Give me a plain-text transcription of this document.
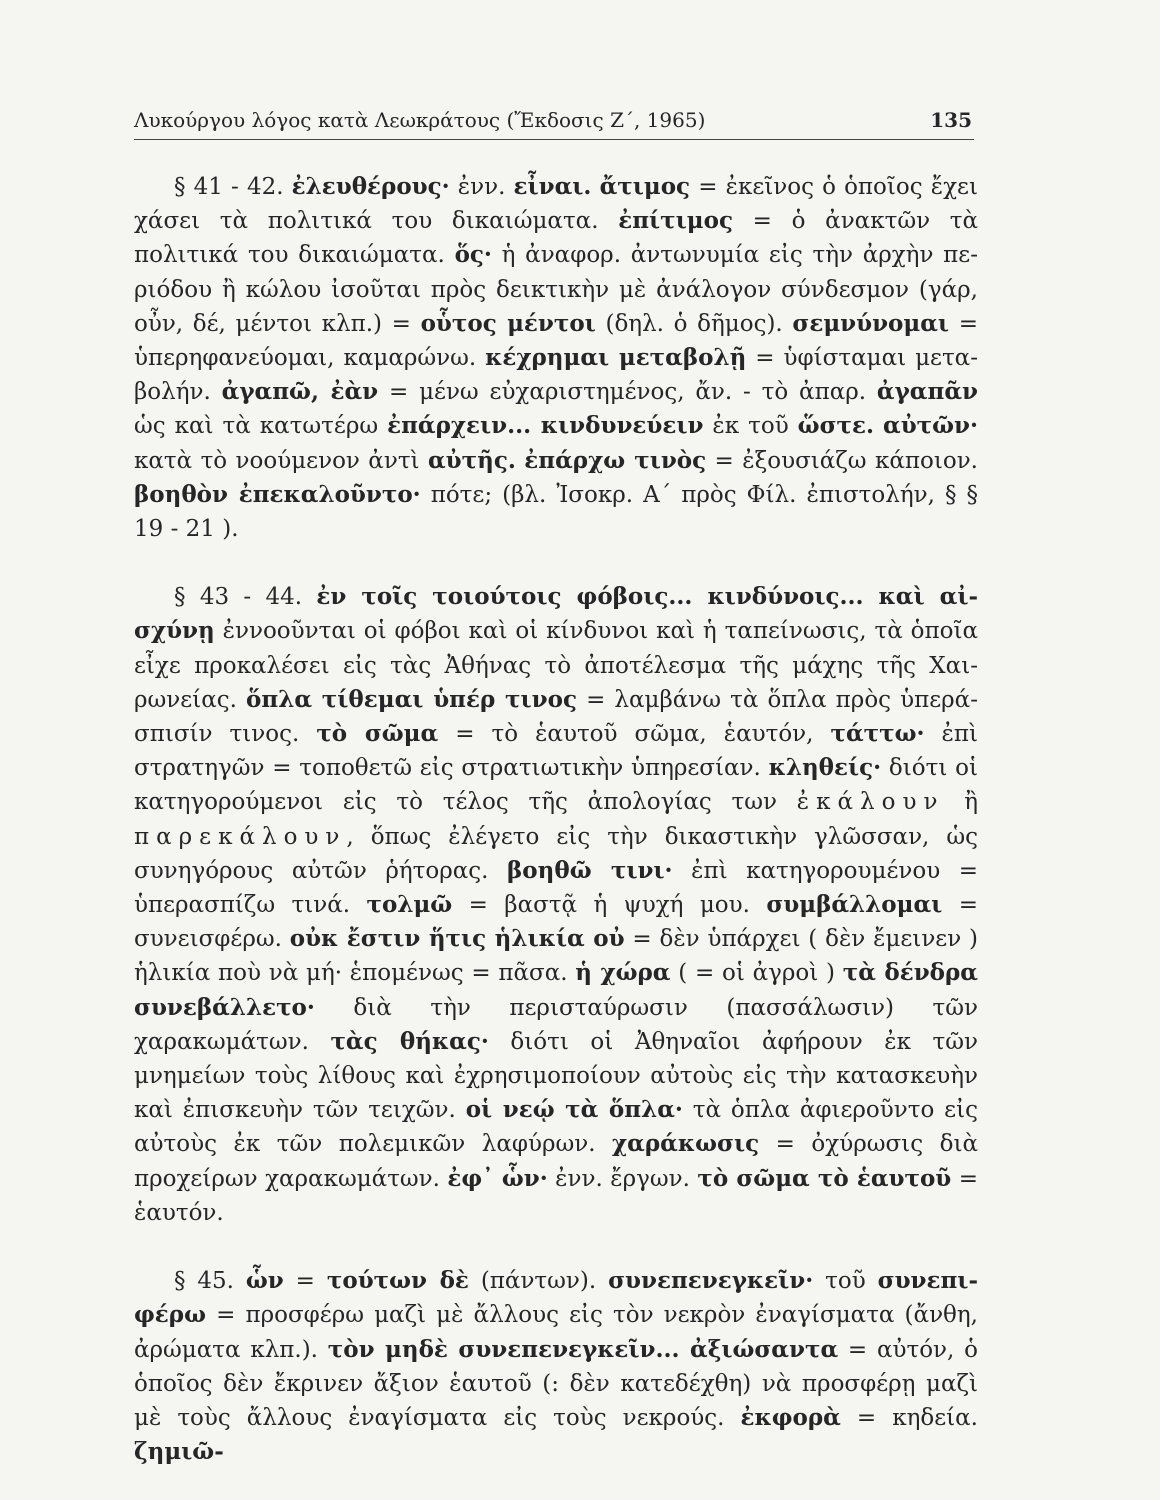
Λυκούργου λόγος κατὰ Λεωκράτους (Ἔκδοσις Ζ΄, 1965)	135

§ 41 - 42. ἐλευθέρους· ἐνν. εἶναι. ἄτιμος = ἐκεῖνος ὁ ὁποῖος ἔχει χάσει τὰ πολιτικά του δικαιώματα. ἐπίτιμος = ὁ ἀνακτῶν τὰ πολιτικά του δικαιώματα. ὅς· ἡ ἀναφορ. ἀντωνυμία εἰς τὴν ἀρχὴν περιόδου ἢ κώλου ἰσοῦται πρὸς δεικτικὴν μὲ ἀνάλογον σύνδεσμον (γάρ, οὖν, δέ, μέντοι κλπ.) = οὗτος μέντοι (δηλ. ὁ δῆμος). σεμνύνομαι = ὑπερηφανεύομαι, καμαρώνω. κέχρημαι μεταβολῇ = ὑφίσταμαι μεταβολήν. ἀγαπῶ, ἐὰν = μένω εὐχαριστημένος, ἄν. - τὸ ἀπαρ. ἀγαπᾶν ὡς καὶ τὰ κατωτέρω ἐπάρχειν... κινδυνεύειν ἐκ τοῦ ὥστε. αὐτῶν· κατὰ τὸ νοούμενον ἀντὶ αὐτῆς. ἐπάρχω τινὸς = ἐξουσιάζω κάποιον. βοηθὸν ἐπεκαλοῦντο· πότε; (βλ. Ἰσοκρ. Α΄ πρὸς Φίλ. ἐπιστολήν, § § 19 - 21 ).

§ 43 - 44. ἐν τοῖς τοιούτοις φόβοις... κινδύνοις... καὶ αἰσχύνῃ ἐννοοῦνται οἱ φόβοι καὶ οἱ κίνδυνοι καὶ ἡ ταπείνωσις, τὰ ὁποῖα εἶχε προκαλέσει εἰς τὰς Ἀθήνας τὸ ἀποτέλεσμα τῆς μάχης τῆς Χαιρωνείας. ὅπλα τίθεμαι ὑπέρ τινος = λαμβάνω τὰ ὅπλα πρὸς ὑπεράσπισίν τινος. τὸ σῶμα = τὸ ἑαυτοῦ σῶμα, ἑαυτόν, τάττω· ἐπὶ στρατηγῶν = τοποθετῶ εἰς στρατιωτικὴν ὑπηρεσίαν. κληθείς· διότι οἱ κατηγορούμενοι εἰς τὸ τέλος τῆς ἀπολογίας των ἐκάλουν ἢ παρεκάλουν, ὅπως ἐλέγετο εἰς τὴν δικαστικὴν γλῶσσαν, ὡς συνηγόρους αὐτῶν ῥήτορας. βοηθῶ τινι· ἐπὶ κατηγορουμένου = ὑπερασπίζω τινά. τολμῶ = βαστᾷ ἡ ψυχή μου. συμβάλλομαι = συνεισφέρω. οὐκ ἔστιν ἥτις ἡλικία οὐ = δὲν ὑπάρχει ( δὲν ἔμεινεν ) ἡλικία ποὺ νὰ μή· ἑπομένως = πᾶσα. ἡ χώρα ( = οἱ ἀγροὶ ) τὰ δένδρα συνεβάλλετο· διὰ τὴν περισταύρωσιν (πασσάλωσιν) τῶν χαρακωμάτων. τὰς θήκας· διότι οἱ Ἀθηναῖοι ἀφήρουν ἐκ τῶν μνημείων τοὺς λίθους καὶ ἐχρησιμοποίουν αὐτοὺς εἰς τὴν κατασκευὴν καὶ ἐπισκευὴν τῶν τειχῶν. οἱ νεῴ τὰ ὅπλα· τὰ ὁπλα ἀφιεροῦντο εἰς αὐτοὺς ἐκ τῶν πολεμικῶν λαφύρων. χαράκωσις = ὀχύρωσις διὰ προχείρων χαρακωμάτων. ἐφ᾽ ὧν· ἐνν. ἔργων. τὸ σῶμα τὸ ἑαυτοῦ = ἑαυτόν.

§ 45. ὧν = τούτων δὲ (πάντων). συνεπενεγκεῖν· τοῦ συνεπιφέρω = προσφέρω μαζὶ μὲ ἄλλους εἰς τὸν νεκρὸν ἐναγίσματα (ἄνθη, ἀρώματα κλπ.). τὸν μηδὲ συνεπενεγκεῖν... ἀξιώσαντα = αὐτόν, ὁ ὁποῖος δὲν ἔκρινεν ἄξιον ἑαυτοῦ (: δὲν κατεδέχθη) νὰ προσφέρῃ μαζὶ μὲ τοὺς ἄλλους ἐναγίσματα εἰς τοὺς νεκρούς. ἐκφορὰ = κηδεία. ζημιῶ-
